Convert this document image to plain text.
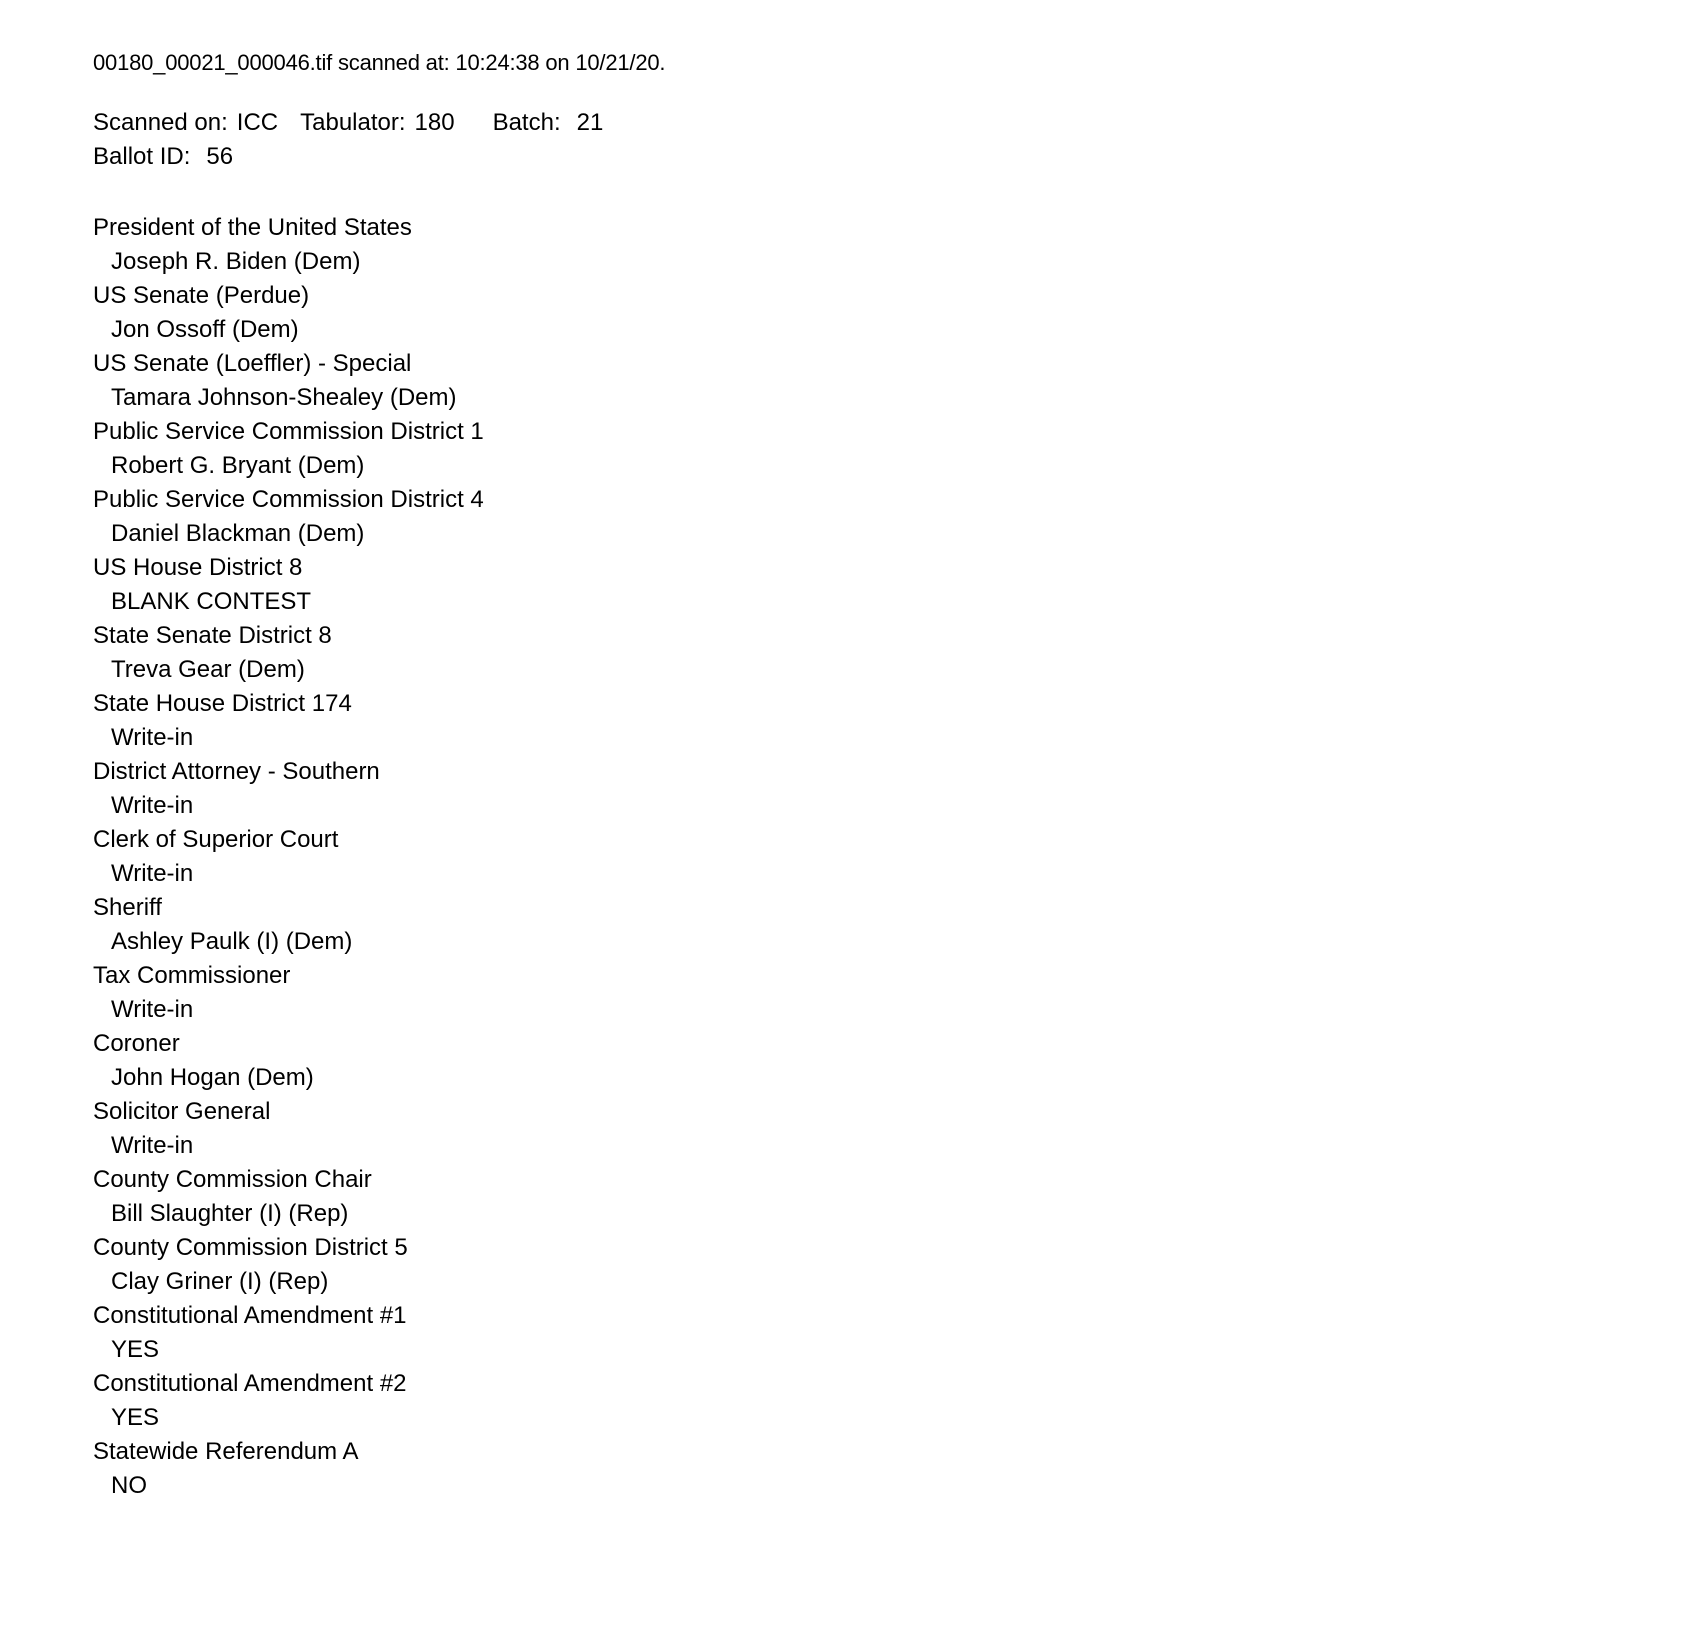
00180_00021_000046.tif scanned at: 10:24:38 on 10/21/20.
Scanned on: ICC Tabulator: 180 Batch: 21
Ballot ID: 56
President of the United States
Joseph R. Biden (Dem)
US Senate (Perdue)
Jon Ossoff (Dem)
US Senate (Loeffler) - Special
Tamara Johnson-Shealey (Dem)
Public Service Commission District 1
Robert G. Bryant (Dem)
Public Service Commission District 4
Daniel Blackman (Dem)
US House District 8
BLANK CONTEST
State Senate District 8
Treva Gear (Dem)
State House District 174
Write-in
District Attorney - Southern
Write-in
Clerk of Superior Court
Write-in
Sheriff
Ashley Paulk (I) (Dem)
Tax Commissioner
Write-in
Coroner
John Hogan (Dem)
Solicitor General
Write-in
County Commission Chair
Bill Slaughter (I) (Rep)
County Commission District 5
Clay Griner (I) (Rep)
Constitutional Amendment #1
YES
Constitutional Amendment #2
YES
Statewide Referendum A
NO
